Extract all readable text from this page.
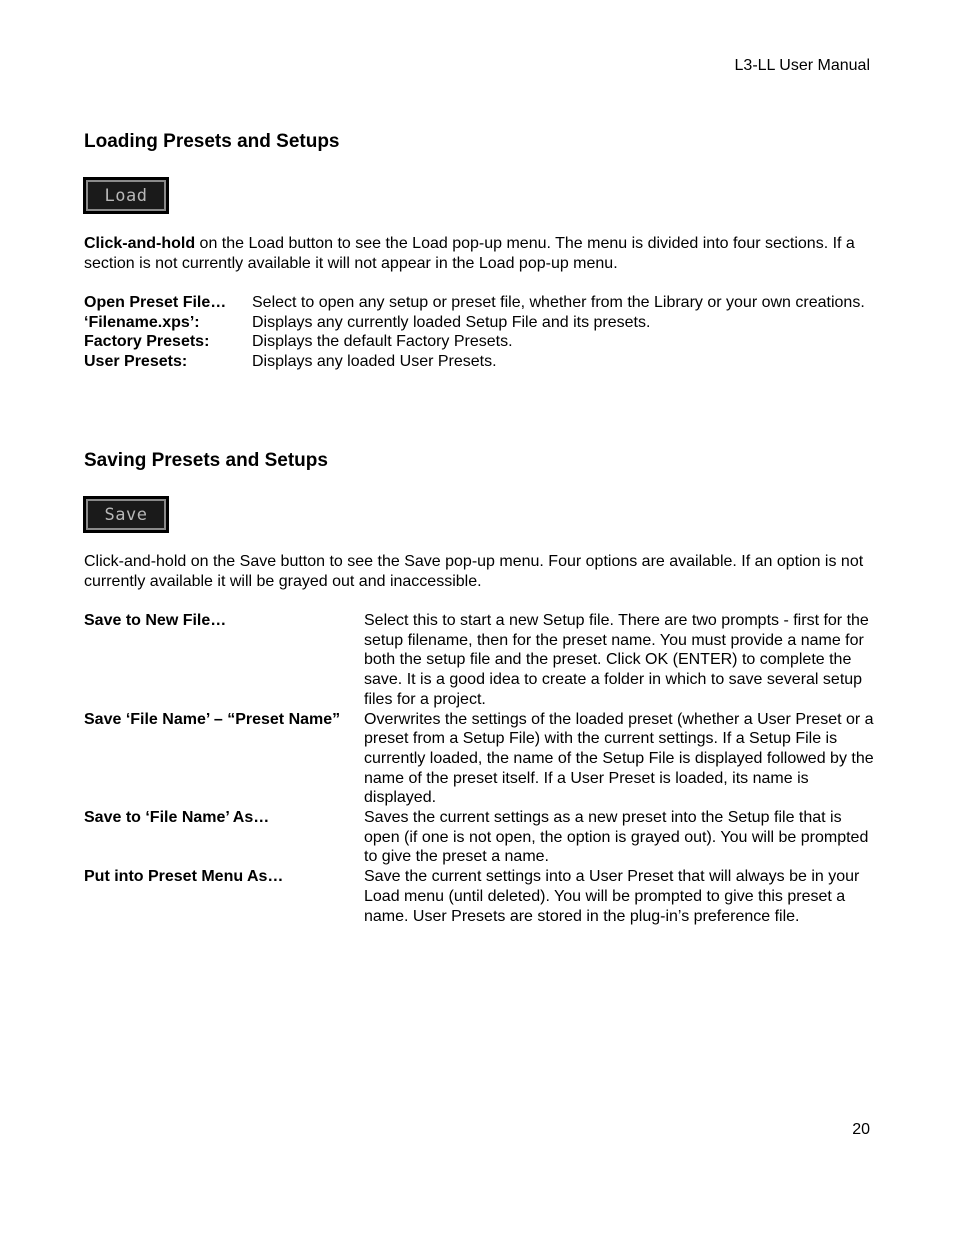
L3-LL User Manual
Loading Presets and Setups
Load

Click-and-hold on the Load button to see the Load pop-up menu. The menu is divided into four sections. If a section is not currently available it will not appear in the Load pop-up menu.

Open Preset File…	Select to open any setup or preset file, whether from the Library or your own creations.
‘Filename.xps’:	Displays any currently loaded Setup File and its presets.
Factory Presets:	Displays the default Factory Presets.
User Presets:	Displays any loaded User Presets.
Saving Presets and Setups
Save

Click-and-hold on the Save button to see the Save pop-up menu. Four options are available. If an option is not currently available it will be grayed out and inaccessible.

Save to New File…	Select this to start a new Setup file. There are two prompts - first for the setup filename, then for the preset name. You must provide a name for both the setup file and the preset. Click OK (ENTER) to complete the save. It is a good idea to create a folder in which to save several setup files for a project.
Save ‘File Name’ – “Preset Name”	Overwrites the settings of the loaded preset (whether a User Preset or a preset from a Setup File) with the current settings. If a Setup File is currently loaded, the name of the Setup File is displayed followed by the name of the preset itself. If a User Preset is loaded, its name is displayed.
Save to ‘File Name’ As…	Saves the current settings as a new preset into the Setup file that is open (if one is not open, the option is grayed out). You will be prompted to give the preset a name.
Put into Preset Menu As…	Save the current settings into a User Preset that will always be in your Load menu (until deleted). You will be prompted to give this preset a name. User Presets are stored in the plug-in’s preference file.
20
